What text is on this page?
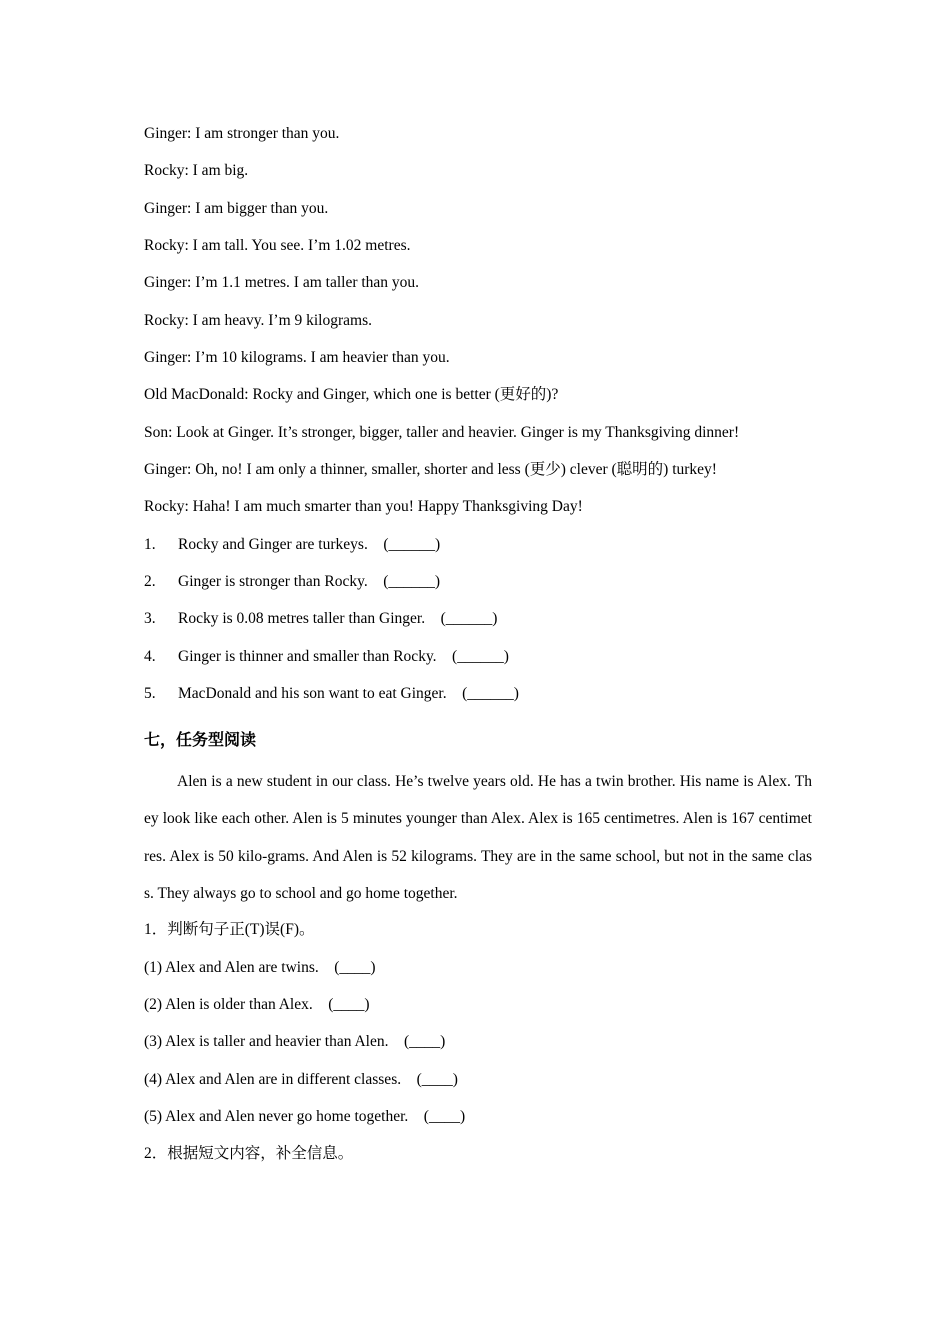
Ginger: I am stronger than you.
Rocky: I am big.
Ginger: I am bigger than you.
Rocky: I am tall. You see. I’m 1.02 metres.
Ginger: I’m 1.1 metres. I am taller than you.
Rocky: I am heavy. I’m 9 kilograms.
Ginger: I’m 10 kilograms. I am heavier than you.
Old MacDonald: Rocky and Ginger, which one is better (更好的)?
Son: Look at Ginger. It’s stronger, bigger, taller and heavier. Ginger is my Thanksgiving dinner!
Ginger: Oh, no! I am only a thinner, smaller, shorter and less (更少) clever (聪明的) turkey!
Rocky: Haha! I am much smarter than you! Happy Thanksgiving Day!
1. Rocky and Ginger are turkeys.　(______)
2. Ginger is stronger than Rocky.　(______)
3. Rocky is 0.08 metres taller than Ginger.　(______)
4. Ginger is thinner and smaller than Rocky.　(______)
5. MacDonald and his son want to eat Ginger.　(______)
七，任务型阅读
Alen is a new student in our class. He’s twelve years old. He has a twin brother. His name is Alex. They look like each other. Alen is 5 minutes younger than Alex. Alex is 165 centimetres. Alen is 167 centimetres. Alex is 50 kilo-grams. And Alen is 52 kilograms. They are in the same school, but not in the same class. They always go to school and go home together.
1．判断句子正(T)误(F)。
(1) Alex and Alen are twins.　(____)
(2) Alen is older than Alex.　(____)
(3) Alex is taller and heavier than Alen.　(____)
(4) Alex and Alen are in different classes.　(____)
(5) Alex and Alen never go home together.　(____)
2．根据短文内容，补全信息。
